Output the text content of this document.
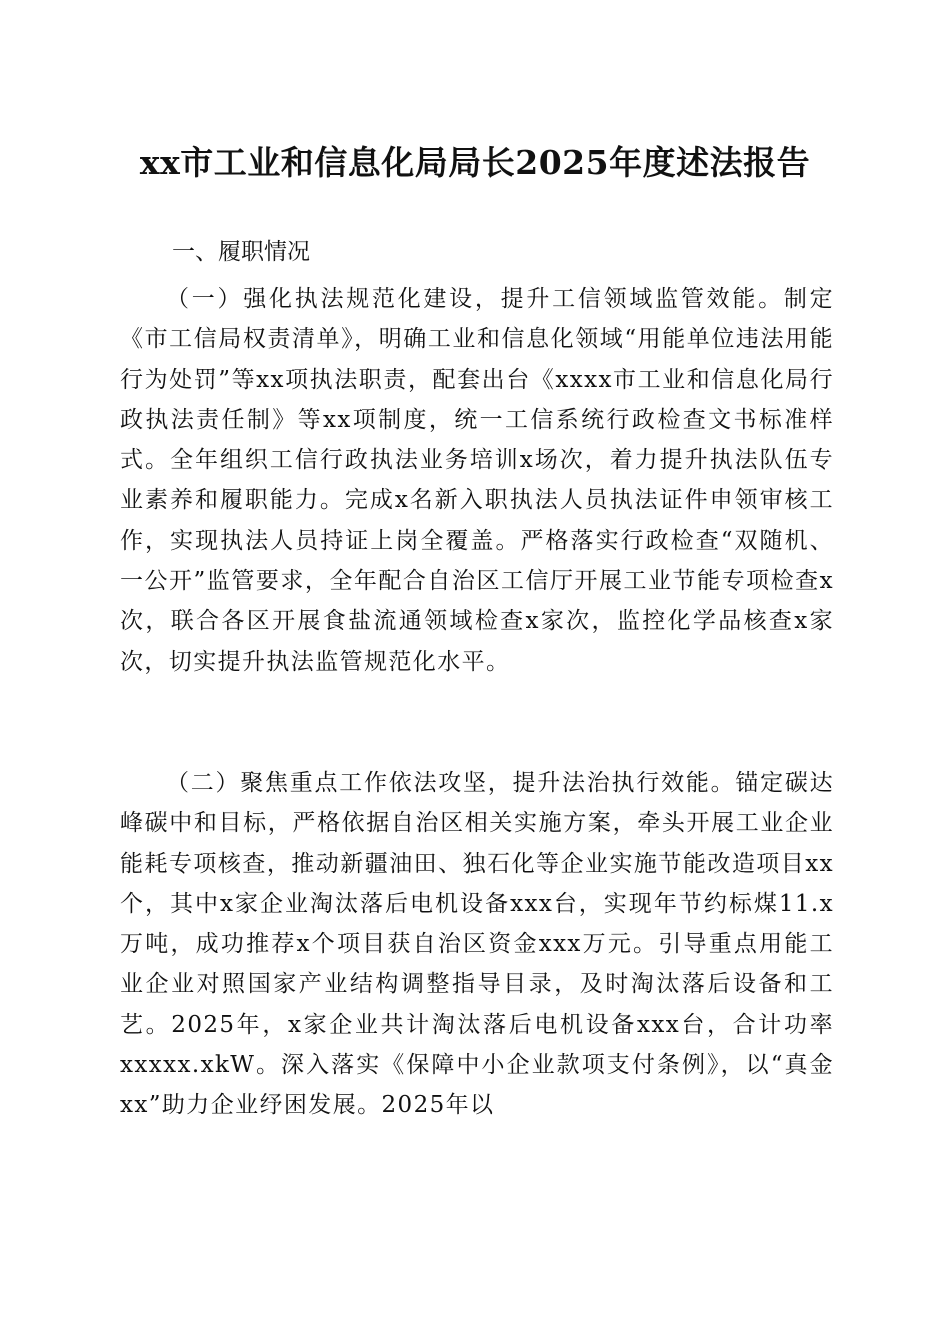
xx市工业和信息化局局长2025年度述法报告
一、履职情况

（一）强化执法规范化建设，提升工信领域监管效能。制定《市工信局权责清单》，明确工业和信息化领域“用能单位违法用能行为处罚”等xx项执法职责，配套出台《xxxx市工业和信息化局行政执法责任制》等xx项制度，统一工信系统行政检查文书标准样式。全年组织工信行政执法业务培训x场次，着力提升执法队伍专业素养和履职能力。完成x名新入职执法人员执法证件申领审核工作，实现执法人员持证上岗全覆盖。严格落实行政检查“双随机、一公开”监管要求，全年配合自治区工信厅开展工业节能专项检查x次，联合各区开展食盐流通领域检查x家次，监控化学品核查x家次，切实提升执法监管规范化水平。

（二）聚焦重点工作依法攻坚，提升法治执行效能。锚定碳达峰碳中和目标，严格依据自治区相关实施方案，牵头开展工业企业能耗专项核查，推动新疆油田、独石化等企业实施节能改造项目xx个，其中x家企业淘汰落后电机设备xxx台，实现年节约标煤11.x万吨，成功推荐x个项目获自治区资金xxx万元。引导重点用能工业企业对照国家产业结构调整指导目录，及时淘汰落后设备和工艺。2025年，x家企业共计淘汰落后电机设备xxx台，合计功率xxxxx.xkW。深入落实《保障中小企业款项支付条例》，以“真金xx”助力企业纾困发展。2025年以
